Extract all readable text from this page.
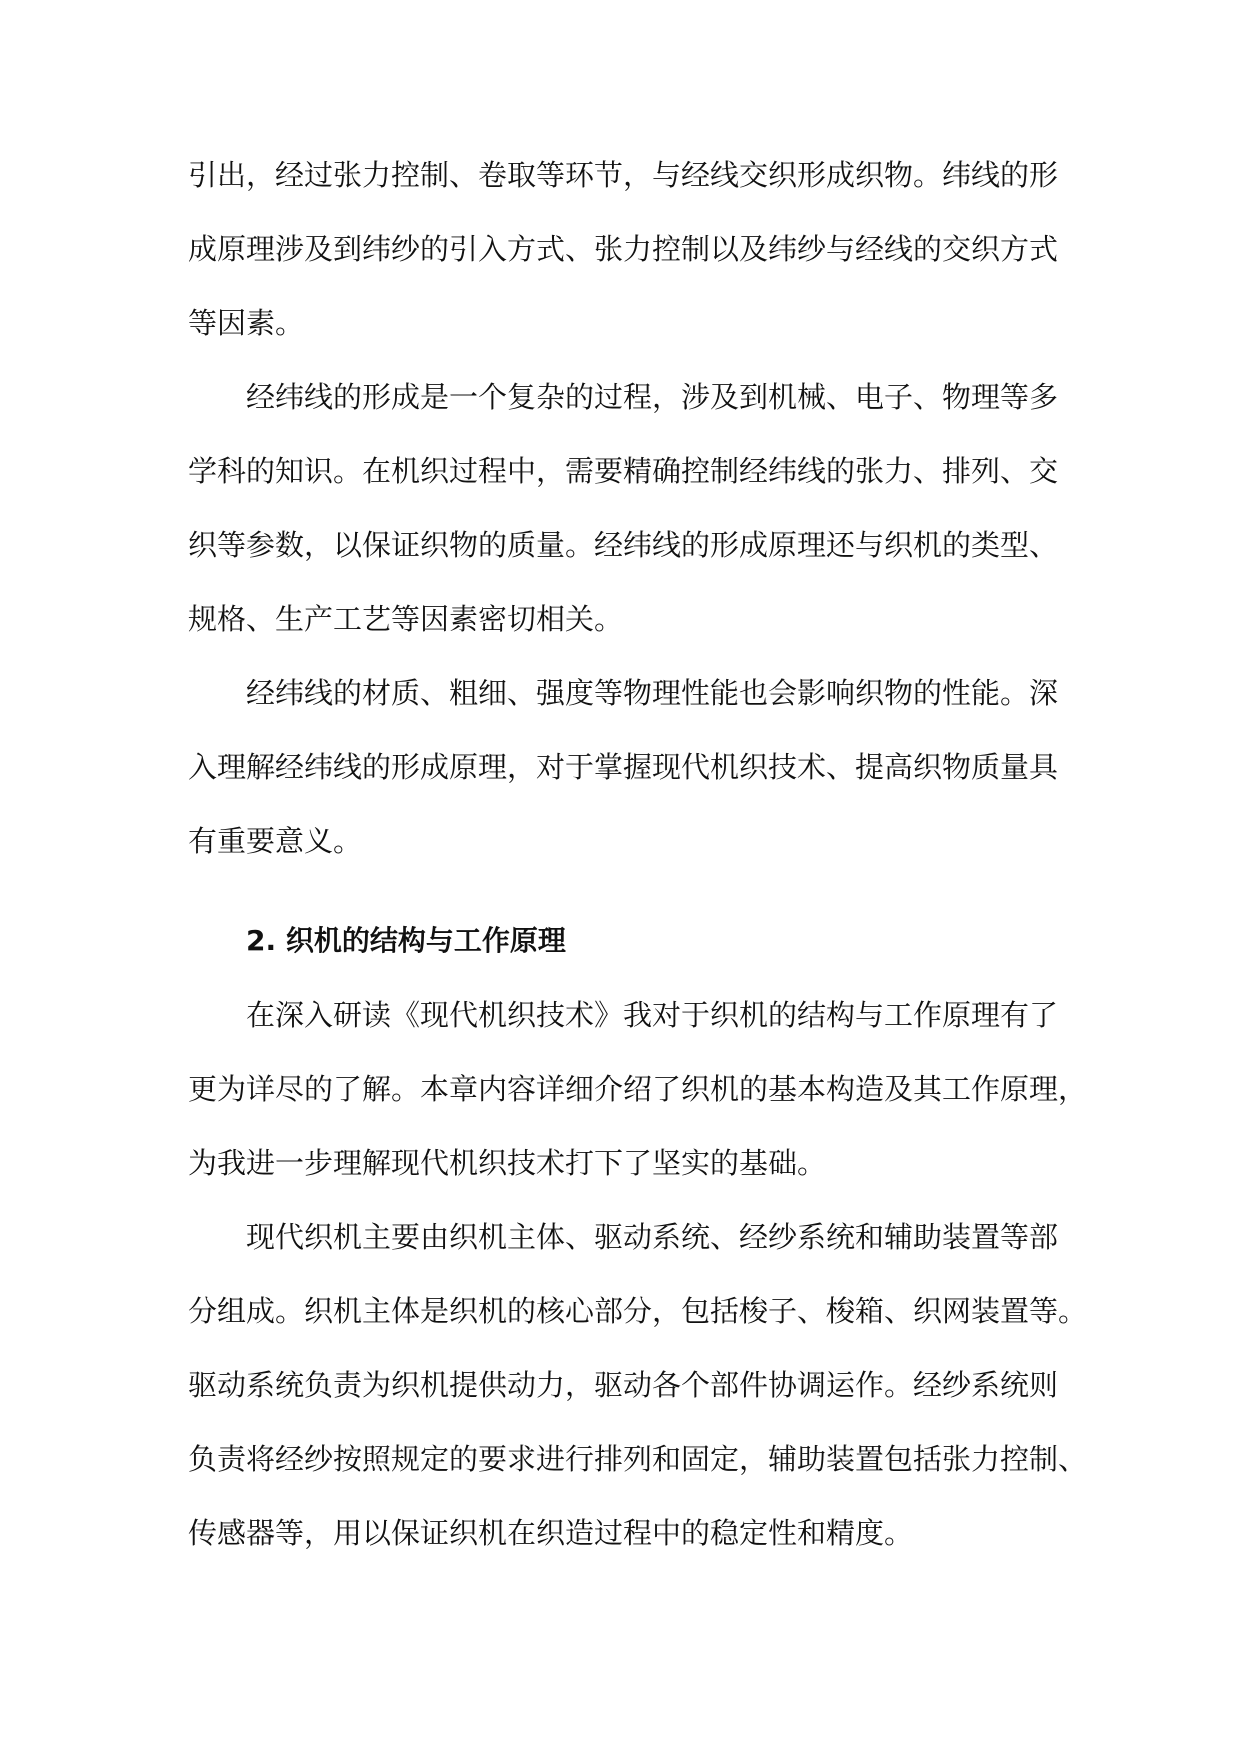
引出，经过张力控制、卷取等环节，与经线交织形成织物。纬线的形
成原理涉及到纬纱的引入方式、张力控制以及纬纱与经线的交织方式
等因素。
经纬线的形成是一个复杂的过程，涉及到机械、电子、物理等多
学科的知识。在机织过程中，需要精确控制经纬线的张力、排列、交
织等参数，以保证织物的质量。经纬线的形成原理还与织机的类型、
规格、生产工艺等因素密切相关。
经纬线的材质、粗细、强度等物理性能也会影响织物的性能。深
入理解经纬线的形成原理，对于掌握现代机织技术、提高织物质量具
有重要意义。
2. 织机的结构与工作原理
在深入研读《现代机织技术》我对于织机的结构与工作原理有了
更为详尽的了解。本章内容详细介绍了织机的基本构造及其工作原理，
为我进一步理解现代机织技术打下了坚实的基础。
现代织机主要由织机主体、驱动系统、经纱系统和辅助装置等部
分组成。织机主体是织机的核心部分，包括梭子、梭箱、织网装置等。
驱动系统负责为织机提供动力，驱动各个部件协调运作。经纱系统则
负责将经纱按照规定的要求进行排列和固定，辅助装置包括张力控制、
传感器等，用以保证织机在织造过程中的稳定性和精度。
